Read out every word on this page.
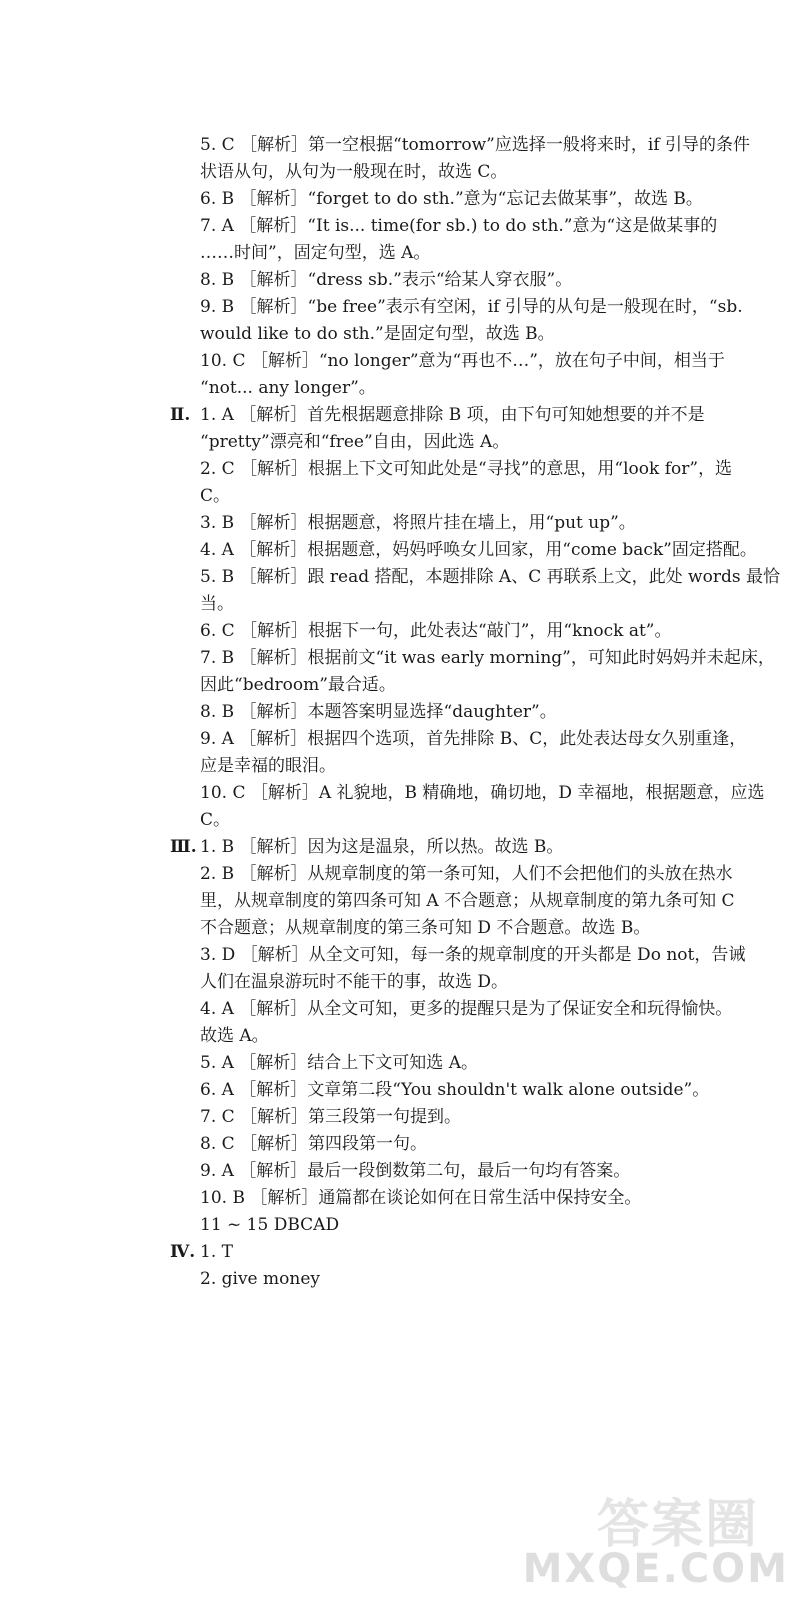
5. C ［解析］第一空根据“tomorrow”应选择一般将来时，if 引导的条件
状语从句，从句为一般现在时，故选 C。
6. B ［解析］“forget to do sth.”意为“忘记去做某事”，故选 B。
7. A ［解析］“It is... time(for sb.) to do sth.”意为“这是做某事的
……时间”，固定句型，选 A。
8. B ［解析］“dress sb.”表示“给某人穿衣服”。
9. B ［解析］“be free”表示有空闲，if 引导的从句是一般现在时，“sb.
would like to do sth.”是固定句型，故选 B。
10. C ［解析］“no longer”意为“再也不…”，放在句子中间，相当于
“not... any longer”。
Ⅱ. 1. A ［解析］首先根据题意排除 B 项，由下句可知她想要的并不是
“pretty”漂亮和“free”自由，因此选 A。
2. C ［解析］根据上下文可知此处是“寻找”的意思，用“look for”，选
C。
3. B ［解析］根据题意，将照片挂在墙上，用“put up”。
4. A ［解析］根据题意，妈妈呼唤女儿回家，用“come back”固定搭配。
5. B ［解析］跟 read 搭配，本题排除 A、C 再联系上文，此处 words 最恰
当。
6. C ［解析］根据下一句，此处表达“敲门”，用“knock at”。
7. B ［解析］根据前文“it was early morning”，可知此时妈妈并未起床，
因此“bedroom”最合适。
8. B ［解析］本题答案明显选择“daughter”。
9. A ［解析］根据四个选项，首先排除 B、C，此处表达母女久别重逢，
应是幸福的眼泪。
10. C ［解析］A 礼貌地，B 精确地，确切地，D 幸福地，根据题意，应选
C。
Ⅲ. 1. B ［解析］因为这是温泉，所以热。故选 B。
2. B ［解析］从规章制度的第一条可知，人们不会把他们的头放在热水
里，从规章制度的第四条可知 A 不合题意；从规章制度的第九条可知 C
不合题意；从规章制度的第三条可知 D 不合题意。故选 B。
3. D ［解析］从全文可知，每一条的规章制度的开头都是 Do not，告诫
人们在温泉游玩时不能干的事，故选 D。
4. A ［解析］从全文可知，更多的提醒只是为了保证安全和玩得愉快。
故选 A。
5. A ［解析］结合上下文可知选 A。
6. A ［解析］文章第二段“You shouldn't walk alone outside”。
7. C ［解析］第三段第一句提到。
8. C ［解析］第四段第一句。
9. A ［解析］最后一段倒数第二句，最后一句均有答案。
10. B ［解析］通篇都在谈论如何在日常生活中保持安全。
11 ~ 15 DBCAD
Ⅳ. 1. T
2. give money
答案圈
MXQE.COM
